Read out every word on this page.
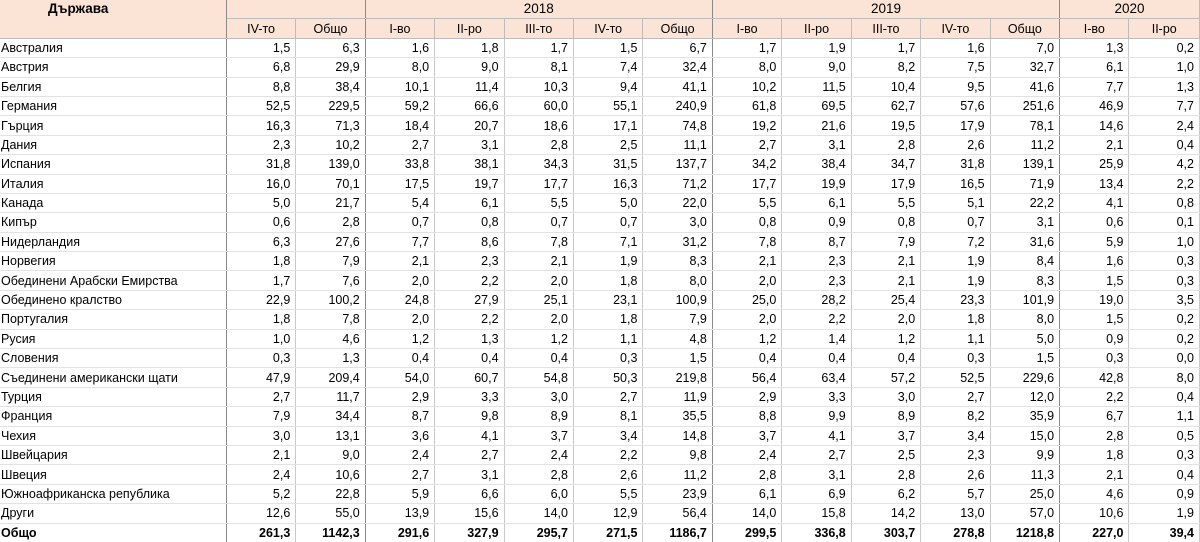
Държава			2018					2019					2020	
	IV-то	Общо	I-во	II-ро	III-то	IV-то	Общо	I-во	II-ро	III-то	IV-то	Общо	I-во	II-ро
Австралия	1,5	6,3	1,6	1,8	1,7	1,5	6,7	1,7	1,9	1,7	1,6	7,0	1,3	0,2
Австрия	6,8	29,9	8,0	9,0	8,1	7,4	32,4	8,0	9,0	8,2	7,5	32,7	6,1	1,0
Белгия	8,8	38,4	10,1	11,4	10,3	9,4	41,1	10,2	11,5	10,4	9,5	41,6	7,7	1,3
Германия	52,5	229,5	59,2	66,6	60,0	55,1	240,9	61,8	69,5	62,7	57,6	251,6	46,9	7,7
Гърция	16,3	71,3	18,4	20,7	18,6	17,1	74,8	19,2	21,6	19,5	17,9	78,1	14,6	2,4
Дания	2,3	10,2	2,7	3,1	2,8	2,5	11,1	2,7	3,1	2,8	2,6	11,2	2,1	0,4
Испания	31,8	139,0	33,8	38,1	34,3	31,5	137,7	34,2	38,4	34,7	31,8	139,1	25,9	4,2
Италия	16,0	70,1	17,5	19,7	17,7	16,3	71,2	17,7	19,9	17,9	16,5	71,9	13,4	2,2
Канада	5,0	21,7	5,4	6,1	5,5	5,0	22,0	5,5	6,1	5,5	5,1	22,2	4,1	0,8
Кипър	0,6	2,8	0,7	0,8	0,7	0,7	3,0	0,8	0,9	0,8	0,7	3,1	0,6	0,1
Нидерландия	6,3	27,6	7,7	8,6	7,8	7,1	31,2	7,8	8,7	7,9	7,2	31,6	5,9	1,0
Норвегия	1,8	7,9	2,1	2,3	2,1	1,9	8,3	2,1	2,3	2,1	1,9	8,4	1,6	0,3
Обединени Арабски Емирства	1,7	7,6	2,0	2,2	2,0	1,8	8,0	2,0	2,3	2,1	1,9	8,3	1,5	0,3
Обединено кралство	22,9	100,2	24,8	27,9	25,1	23,1	100,9	25,0	28,2	25,4	23,3	101,9	19,0	3,5
Португалия	1,8	7,8	2,0	2,2	2,0	1,8	7,9	2,0	2,2	2,0	1,8	8,0	1,5	0,2
Русия	1,0	4,6	1,2	1,3	1,2	1,1	4,8	1,2	1,4	1,2	1,1	5,0	0,9	0,2
Словения	0,3	1,3	0,4	0,4	0,4	0,3	1,5	0,4	0,4	0,4	0,3	1,5	0,3	0,0
Съединени американски щати	47,9	209,4	54,0	60,7	54,8	50,3	219,8	56,4	63,4	57,2	52,5	229,6	42,8	8,0
Турция	2,7	11,7	2,9	3,3	3,0	2,7	11,9	2,9	3,3	3,0	2,7	12,0	2,2	0,4
Франция	7,9	34,4	8,7	9,8	8,9	8,1	35,5	8,8	9,9	8,9	8,2	35,9	6,7	1,1
Чехия	3,0	13,1	3,6	4,1	3,7	3,4	14,8	3,7	4,1	3,7	3,4	15,0	2,8	0,5
Швейцария	2,1	9,0	2,4	2,7	2,4	2,2	9,8	2,4	2,7	2,5	2,3	9,9	1,8	0,3
Швеция	2,4	10,6	2,7	3,1	2,8	2,6	11,2	2,8	3,1	2,8	2,6	11,3	2,1	0,4
Южноафриканска република	5,2	22,8	5,9	6,6	6,0	5,5	23,9	6,1	6,9	6,2	5,7	25,0	4,6	0,9
Други	12,6	55,0	13,9	15,6	14,0	12,9	56,4	14,0	15,8	14,2	13,0	57,0	10,6	1,9
Общо	261,3	1142,3	291,6	327,9	295,7	271,5	1186,7	299,5	336,8	303,7	278,8	1218,8	227,0	39,4
